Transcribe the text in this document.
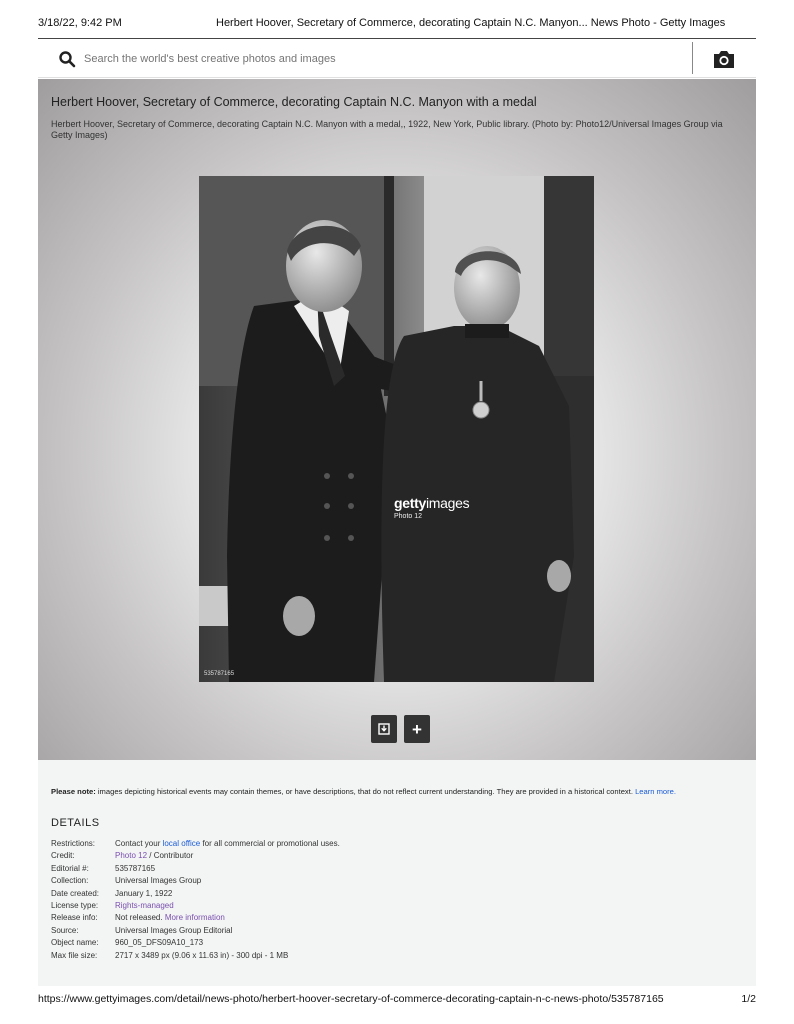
3/18/22, 9:42 PM	Herbert Hoover, Secretary of Commerce, decorating Captain N.C. Manyon... News Photo - Getty Images
Search the world's best creative photos and images
Herbert Hoover, Secretary of Commerce, decorating Captain N.C. Manyon with a medal
Herbert Hoover, Secretary of Commerce, decorating Captain N.C. Manyon with a medal,, 1922, New York, Public library. (Photo by: Photo12/Universal Images Group via Getty Images)
gettyimages
Photo 12
535787165
+
Please note: images depicting historical events may contain themes, or have descriptions, that do not reflect current understanding. They are provided in a historical context. Learn more.
DETAILS
Restrictions: Contact your local office for all commercial or promotional uses.
Credit:	Photo 12 / Contributor
Editorial #:	535787165
Collection:	Universal Images Group
Date created: January 1, 1922
License type: Rights-managed
Release info: Not released. More information
Source:	Universal Images Group Editorial
Object name: 960_05_DFS09A10_173
Max file size: 2717 x 3489 px (9.06 x 11.63 in) - 300 dpi - 1 MB
https://www.gettyimages.com/detail/news-photo/herbert-hoover-secretary-of-commerce-decorating-captain-n-c-news-photo/535787165	1/2
